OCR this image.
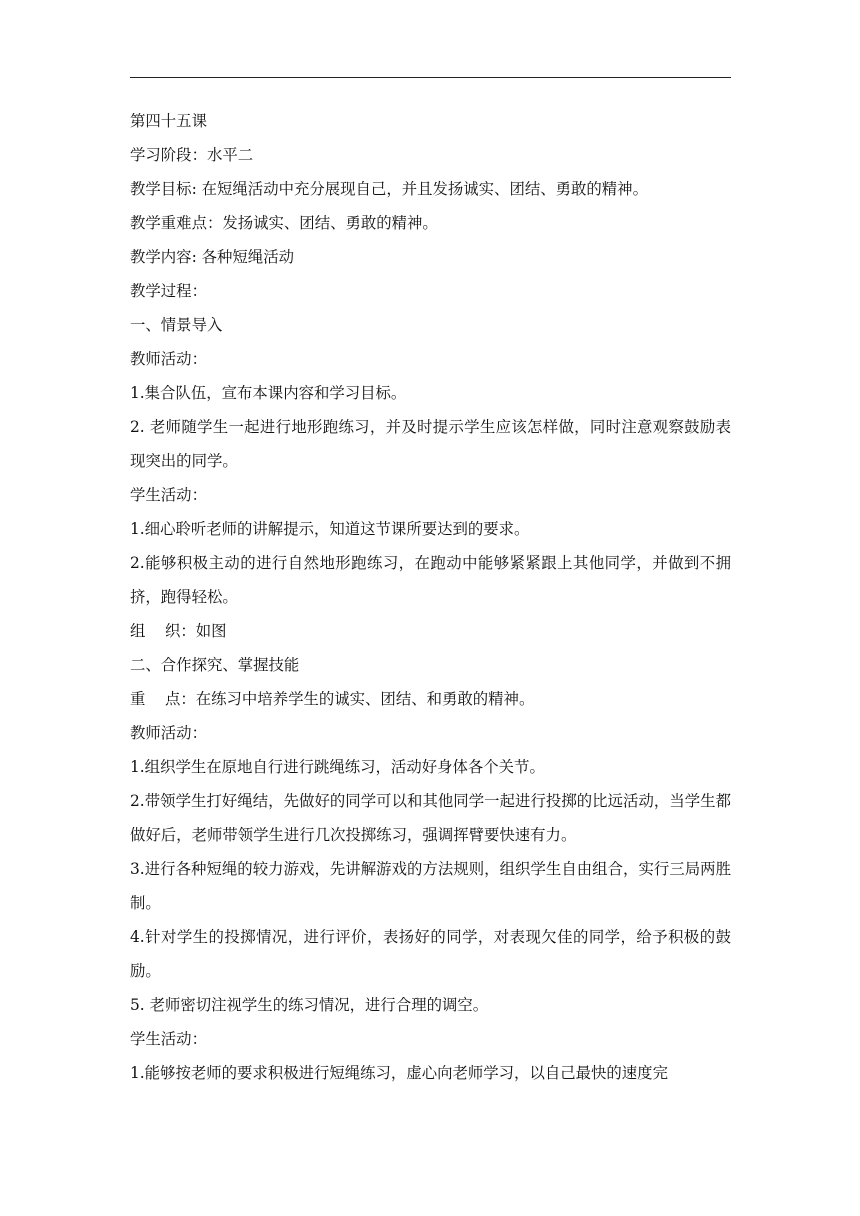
第四十五课

学习阶段：水平二

教学目标: 在短绳活动中充分展现自己，并且发扬诚实、团结、勇敢的精神。

教学重难点：发扬诚实、团结、勇敢的精神。

教学内容: 各种短绳活动

教学过程：

一、情景导入

教师活动：

1.集合队伍，宣布本课内容和学习目标。

2. 老师随学生一起进行地形跑练习，并及时提示学生应该怎样做，同时注意观察鼓励表现突出的同学。

学生活动：

1.细心聆听老师的讲解提示，知道这节课所要达到的要求。

2.能够积极主动的进行自然地形跑练习，在跑动中能够紧紧跟上其他同学，并做到不拥挤，跑得轻松。

组    织：如图

二、合作探究、掌握技能

重    点：在练习中培养学生的诚实、团结、和勇敢的精神。

教师活动：

1.组织学生在原地自行进行跳绳练习，活动好身体各个关节。

2.带领学生打好绳结，先做好的同学可以和其他同学一起进行投掷的比远活动，当学生都做好后，老师带领学生进行几次投掷练习，强调挥臂要快速有力。

3.进行各种短绳的较力游戏，先讲解游戏的方法规则，组织学生自由组合，实行三局两胜制。

4.针对学生的投掷情况，进行评价，表扬好的同学，对表现欠佳的同学，给予积极的鼓励。

5. 老师密切注视学生的练习情况，进行合理的调空。

学生活动：

1.能够按老师的要求积极进行短绳练习，虚心向老师学习，以自己最快的速度完
